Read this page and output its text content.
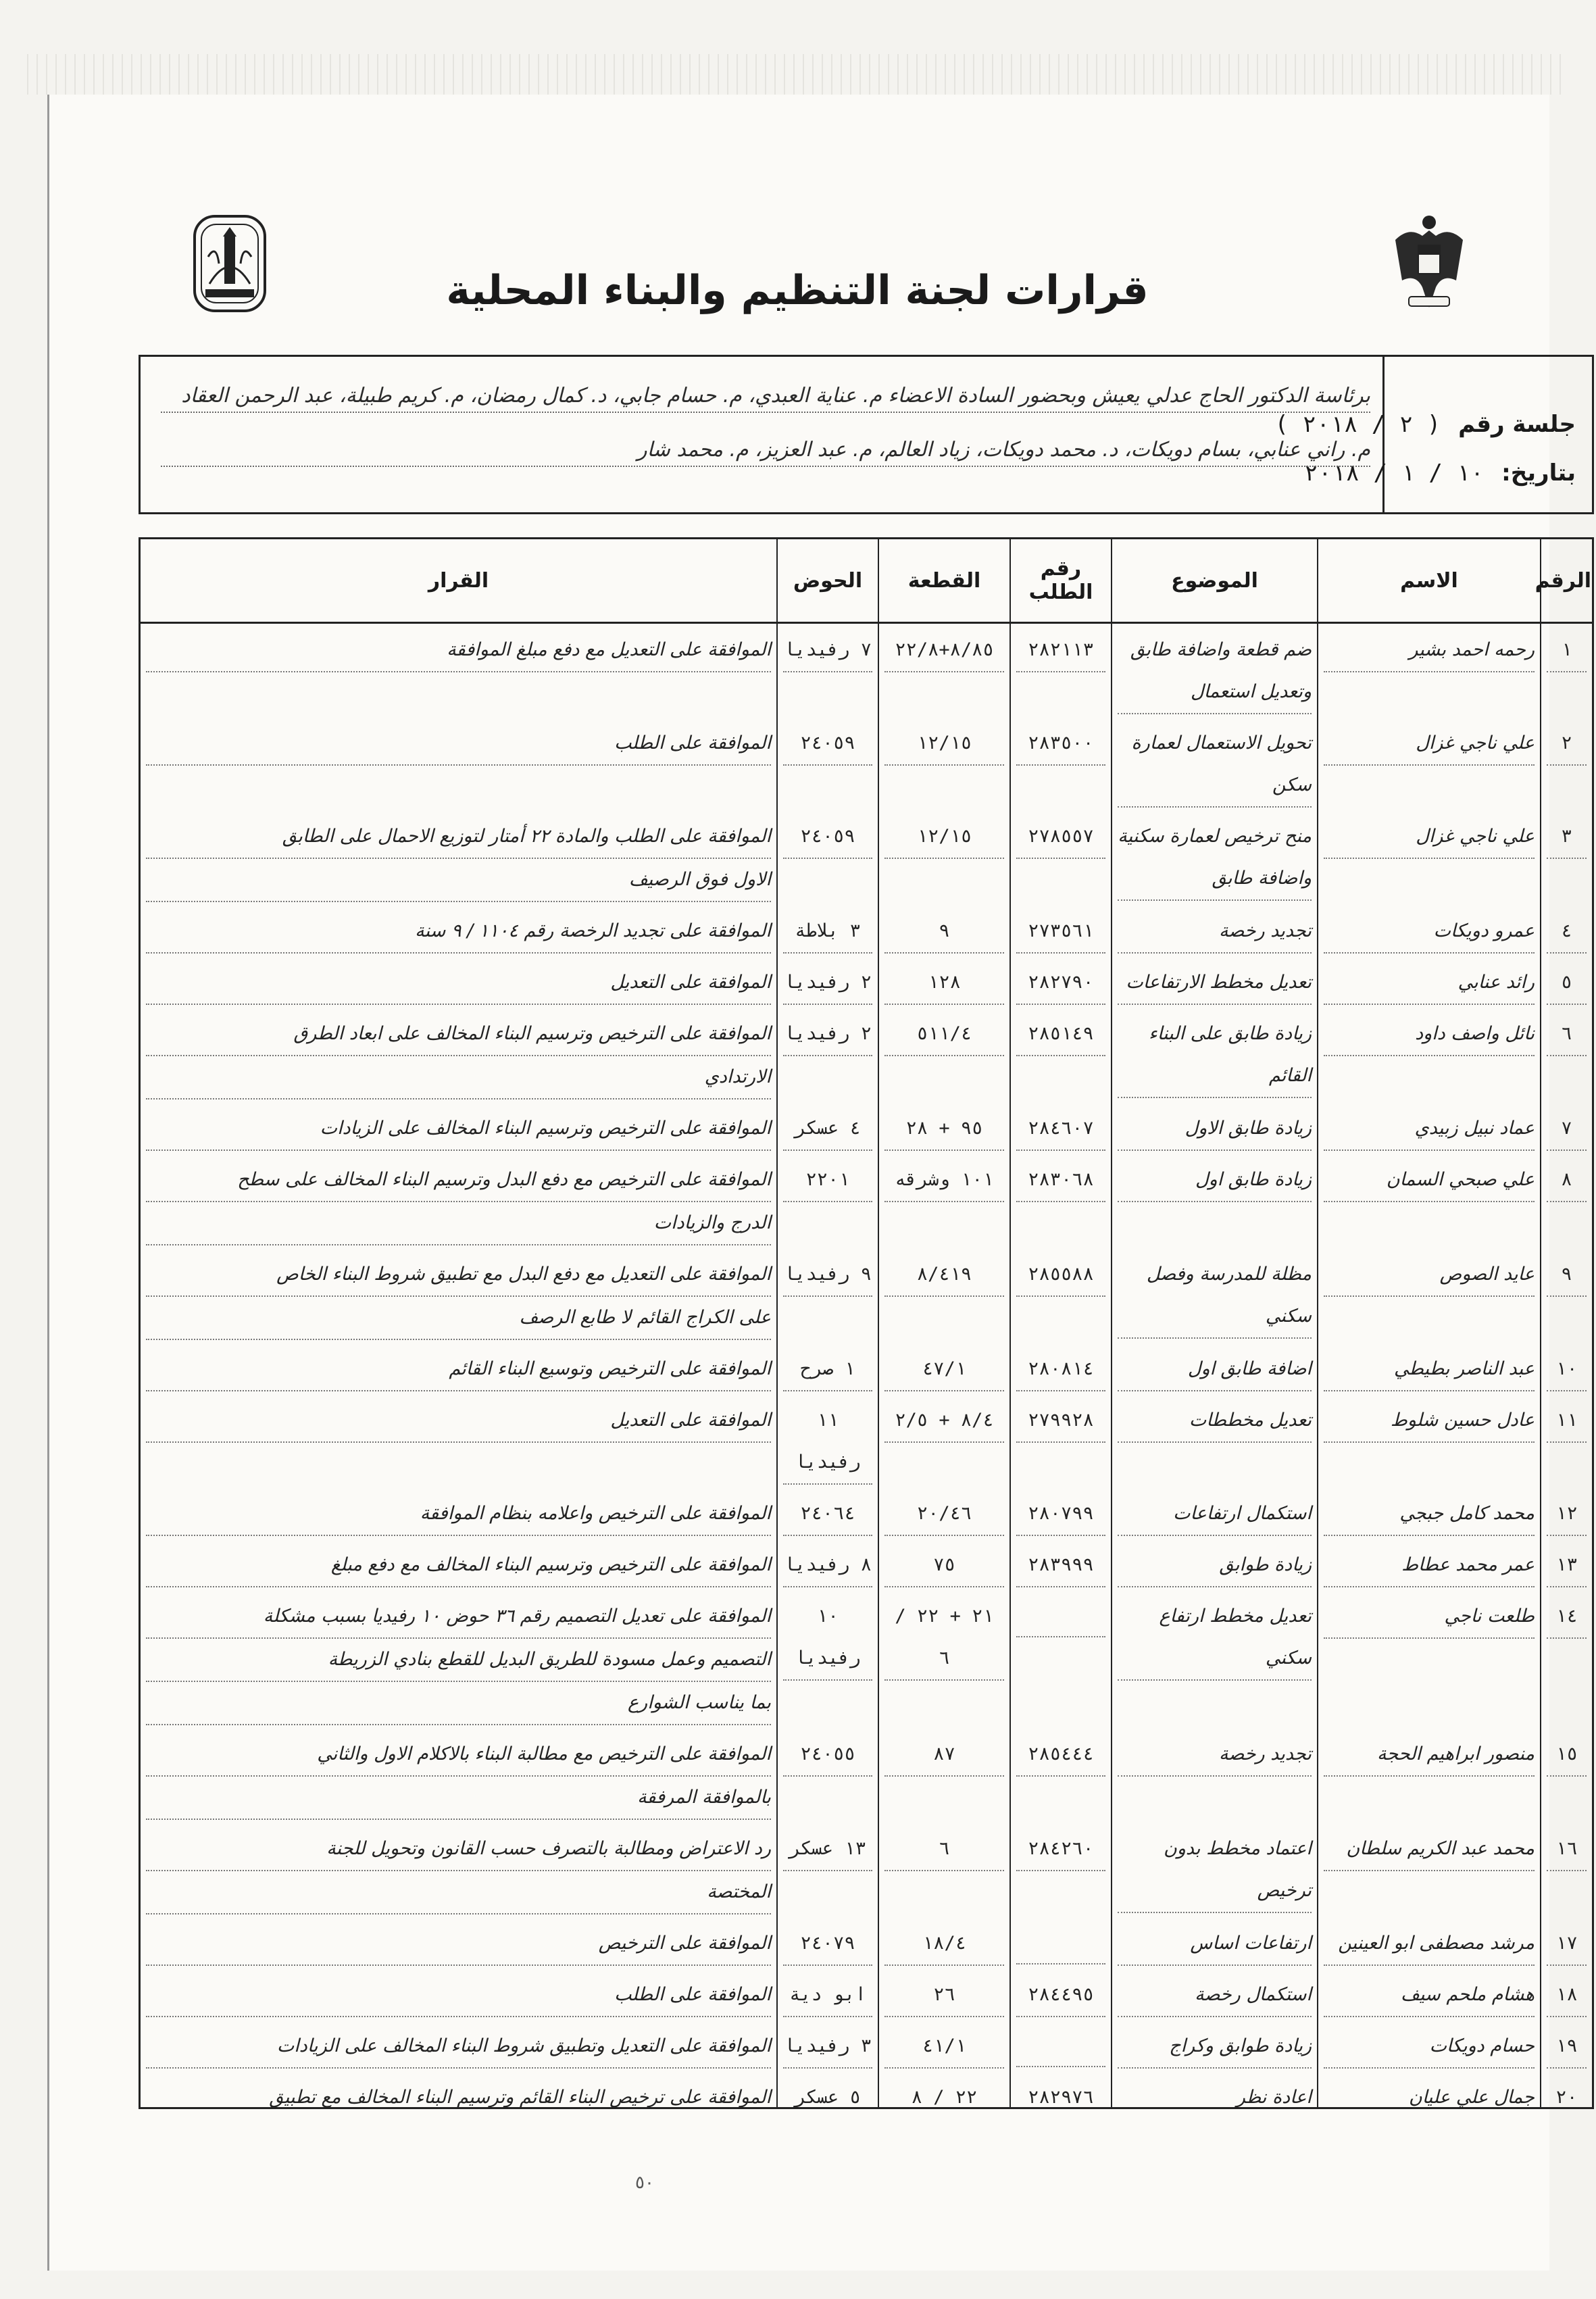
قرارات لجنة التنظيم والبناء المحلية
جلسة رقم ( ٢ / ٢٠١٨ )
بتاريخ: ١٠ / ١ / ٢٠١٨
برئاسة الدكتور الحاج عدلي يعيش وبحضور السادة الاعضاء م. عناية العبدي، م. حسام جابي، د. كمال رمضان، م. كريم طبيلة، عبد الرحمن العقاد
م. راني عنابي، بسام دويكات، د. محمد دويكات، زياد العالم، م. عبد العزيز، م. محمد شار
الرقم	الاسم	الموضوع	رقم الطلب	القطعة	الحوض	القرار

١	رحمه احمد بشير	ضم قطعة واضافة طابق وتعديل استعمال	٢٨٢١١٣	٨/٨٥+٢٢/٨	٧ رفيديا	الموافقة على التعديل مع دفع مبلغ الموافقة

٢	علي ناجي غزال	تحويل الاستعمال لعمارة سكن	٢٨٣٥٠٠	١٢/١٥	٢٤٠٥٩	الموافقة على الطلب

٣	علي ناجي غزال	منح ترخيص لعمارة سكنية واضافة طابق	٢٧٨٥٥٧	١٢/١٥	٢٤٠٥٩	الموافقة على الطلب والمادة ٢٢ أمتار لتوزيع الاحمال على الطابق
الاول فوق الرصيف

٤	عمرو دويكات	تجديد رخصة	٢٧٣٥٦١	٩	٣ بلاطة	الموافقة على تجديد الرخصة رقم ١١٠٤ / ٩ سنة

٥	رائد عنابي	تعديل مخطط الارتفاعات	٢٨٢٧٩٠	١٢٨	٢ رفيديا	الموافقة على التعديل

٦	نائل واصف داود	زيادة طابق على البناء القائم	٢٨٥١٤٩	٥١١/٤	٢ رفيديا	الموافقة على الترخيص وترسيم البناء المخالف على ابعاد الطرق
الارتدادي

٧	عماد نبيل زبيدي	زيادة طابق الاول	٢٨٤٦٠٧	٩٥ + ٢٨	٤ عسكر	الموافقة على الترخيص وترسيم البناء المخالف على الزيادات

٨	علي صبحي السمان	زيادة طابق اول	٢٨٣٠٦٨	١٠١ وشرقه	٢٢٠١	الموافقة على الترخيص مع دفع البدل وترسيم البناء المخالف على سطح
الدرج والزيادات

٩	عايد الصوص	مظلة للمدرسة وفصل سكني	٢٨٥٥٨٨	٨/٤١٩	٩ رفيديا	الموافقة على التعديل مع دفع البدل مع تطبيق شروط البناء الخاص
على الكراج القائم لا طابع الرصف

١٠	عبد الناصر بطيطي	اضافة طابق اول	٢٨٠٨١٤	٤٧/١	١ صرح	الموافقة على الترخيص وتوسيع البناء القائم

١١	عادل حسين شلوط	تعديل مخططات	٢٧٩٩٢٨	٨/٤ + ٢/٥	١١ رفيديا	الموافقة على التعديل

١٢	محمد كامل جبجي	استكمال ارتفاعات	٢٨٠٧٩٩	٢٠/٤٦	٢٤٠٦٤	الموافقة على الترخيص واعلامه بنظام الموافقة

١٣	عمر محمد عطاط	زيادة طوابق	٢٨٣٩٩٩	٧٥	٨ رفيديا	الموافقة على الترخيص وترسيم البناء المخالف مع دفع مبلغ

١٤	طلعت ناجي	تعديل مخطط ارتفاع سكني		٢١ + ٢٢ / ٦	١٠ رفيديا	الموافقة على تعديل التصميم رقم ٣٦ حوض ١٠ رفيديا بسبب مشكلة
التصميم وعمل مسودة للطريق البديل للقطع بنادي الزريطة
بما يناسب الشوارع

١٥	منصور ابراهيم الحجة	تجديد رخصة	٢٨٥٤٤٤	٨٧	٢٤٠٥٥	الموافقة على الترخيص مع مطالبة البناء بالاكلام الاول والثاني
بالموافقة المرفقة

١٦	محمد عبد الكريم سلطان	اعتماد مخطط بدون ترخيص	٢٨٤٢٦٠	٦	١٣ عسكر	رد الاعتراض ومطالبة بالتصرف حسب القانون وتحويل للجنة
المختصة

١٧	مرشد مصطفى ابو العينين	ارتفاعات اساس		١٨/٤	٢٤٠٧٩	الموافقة على الترخيص

١٨	هشام ملحم سيف	استكمال رخصة	٢٨٤٤٩٥	٢٦	ابو دية	الموافقة على الطلب

١٩	حسام دويكات	زيادة طوابق وكراج		٤١/١	٣ رفيديا	الموافقة على التعديل وتطبيق شروط البناء المخالف على الزيادات

٢٠	جمال علي عليان	اعادة نظر	٢٨٢٩٧٦	٢٢ / ٨	٥ عسكر	الموافقة على ترخيص البناء القائم وترسيم البناء المخالف مع تطبيق

٥٠
